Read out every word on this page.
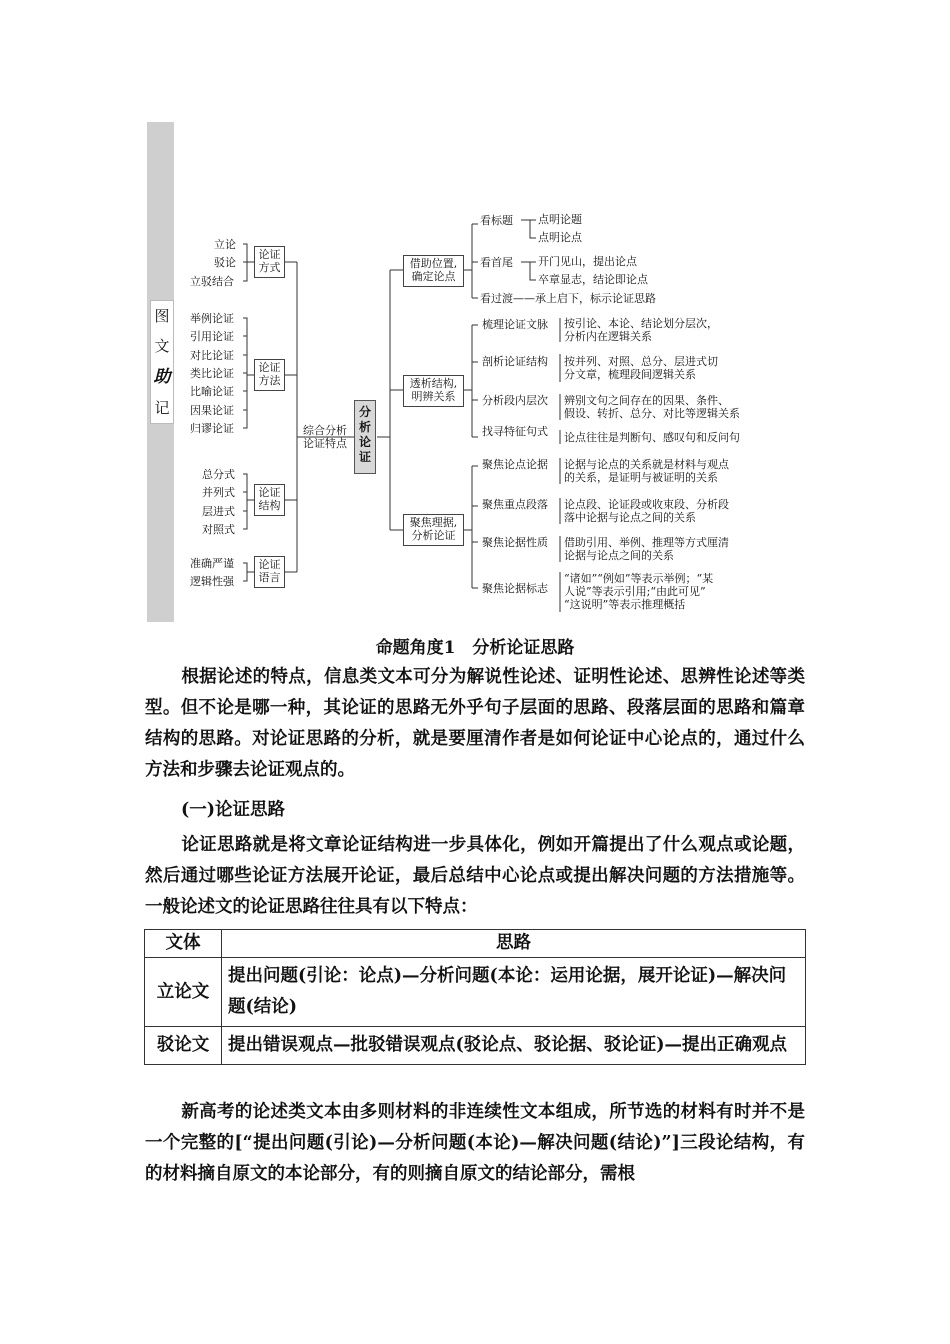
图
文
助
记
立论
驳论
立驳结合
论证
方式
举例论证
引用论证
对比论证
类比论证
比喻论证
因果论证
归谬论证
论证
方法
总分式
并列式
层进式
对照式
论证
结构
准确严谨
逻辑性强
论证
语言
综合分析
论证特点
分
析
论
证
借助位置,
确定论点
看标题 点明论题
点明论点
看首尾 开门见山，提出论点
卒章显志，结论即论点
看过渡——承上启下，标示论证思路
透析结构,
明辨关系
梳理论证文脉 按引论、本论、结论划分层次，
分析内在逻辑关系
剖析论证结构 按并列、对照、总分、层进式切
分文章，梳理段间逻辑关系
分析段内层次 辨别文句之间存在的因果、条件、
假设、转折、总分、对比等逻辑关系
找寻特征句式 论点往往是判断句、感叹句和反问句
聚焦理据,
分析论证
聚焦论点论据 论据与论点的关系就是材料与观点
的关系，是证明与被证明的关系
聚焦重点段落 论点段、论证段或收束段、分析段
落中论据与论点之间的关系
聚焦论据性质 借助引用、举例、推理等方式厘清
论据与论点之间的关系
聚焦论据标志
“诸如”“例如”等表示举例；“某
人说”等表示引用;“由此可见”
“这说明”等表示推理概括
命题角度1　分析论证思路
根据论述的特点，信息类文本可分为解说性论述、证明性论述、思辨性论述等类型。但不论是哪一种，其论证的思路无外乎句子层面的思路、段落层面的思路和篇章结构的思路。对论证思路的分析，就是要厘清作者是如何论证中心论点的，通过什么方法和步骤去论证观点的。
(一)论证思路
论证思路就是将文章论证结构进一步具体化，例如开篇提出了什么观点或论题，然后通过哪些论证方法展开论证，最后总结中心论点或提出解决问题的方法措施等。一般论述文的论证思路往往具有以下特点：
文体	思路
立论文	提出问题(引论：论点)—分析问题(本论：运用论据，展开论证)—解决问题(结论)
驳论文	提出错误观点—批驳错误观点(驳论点、驳论据、驳论证)—提出正确观点
新高考的论述类文本由多则材料的非连续性文本组成，所节选的材料有时并不是一个完整的[“提出问题(引论)—分析问题(本论)—解决问题(结论)”]三段论结构，有的材料摘自原文的本论部分，有的则摘自原文的结论部分，需根
